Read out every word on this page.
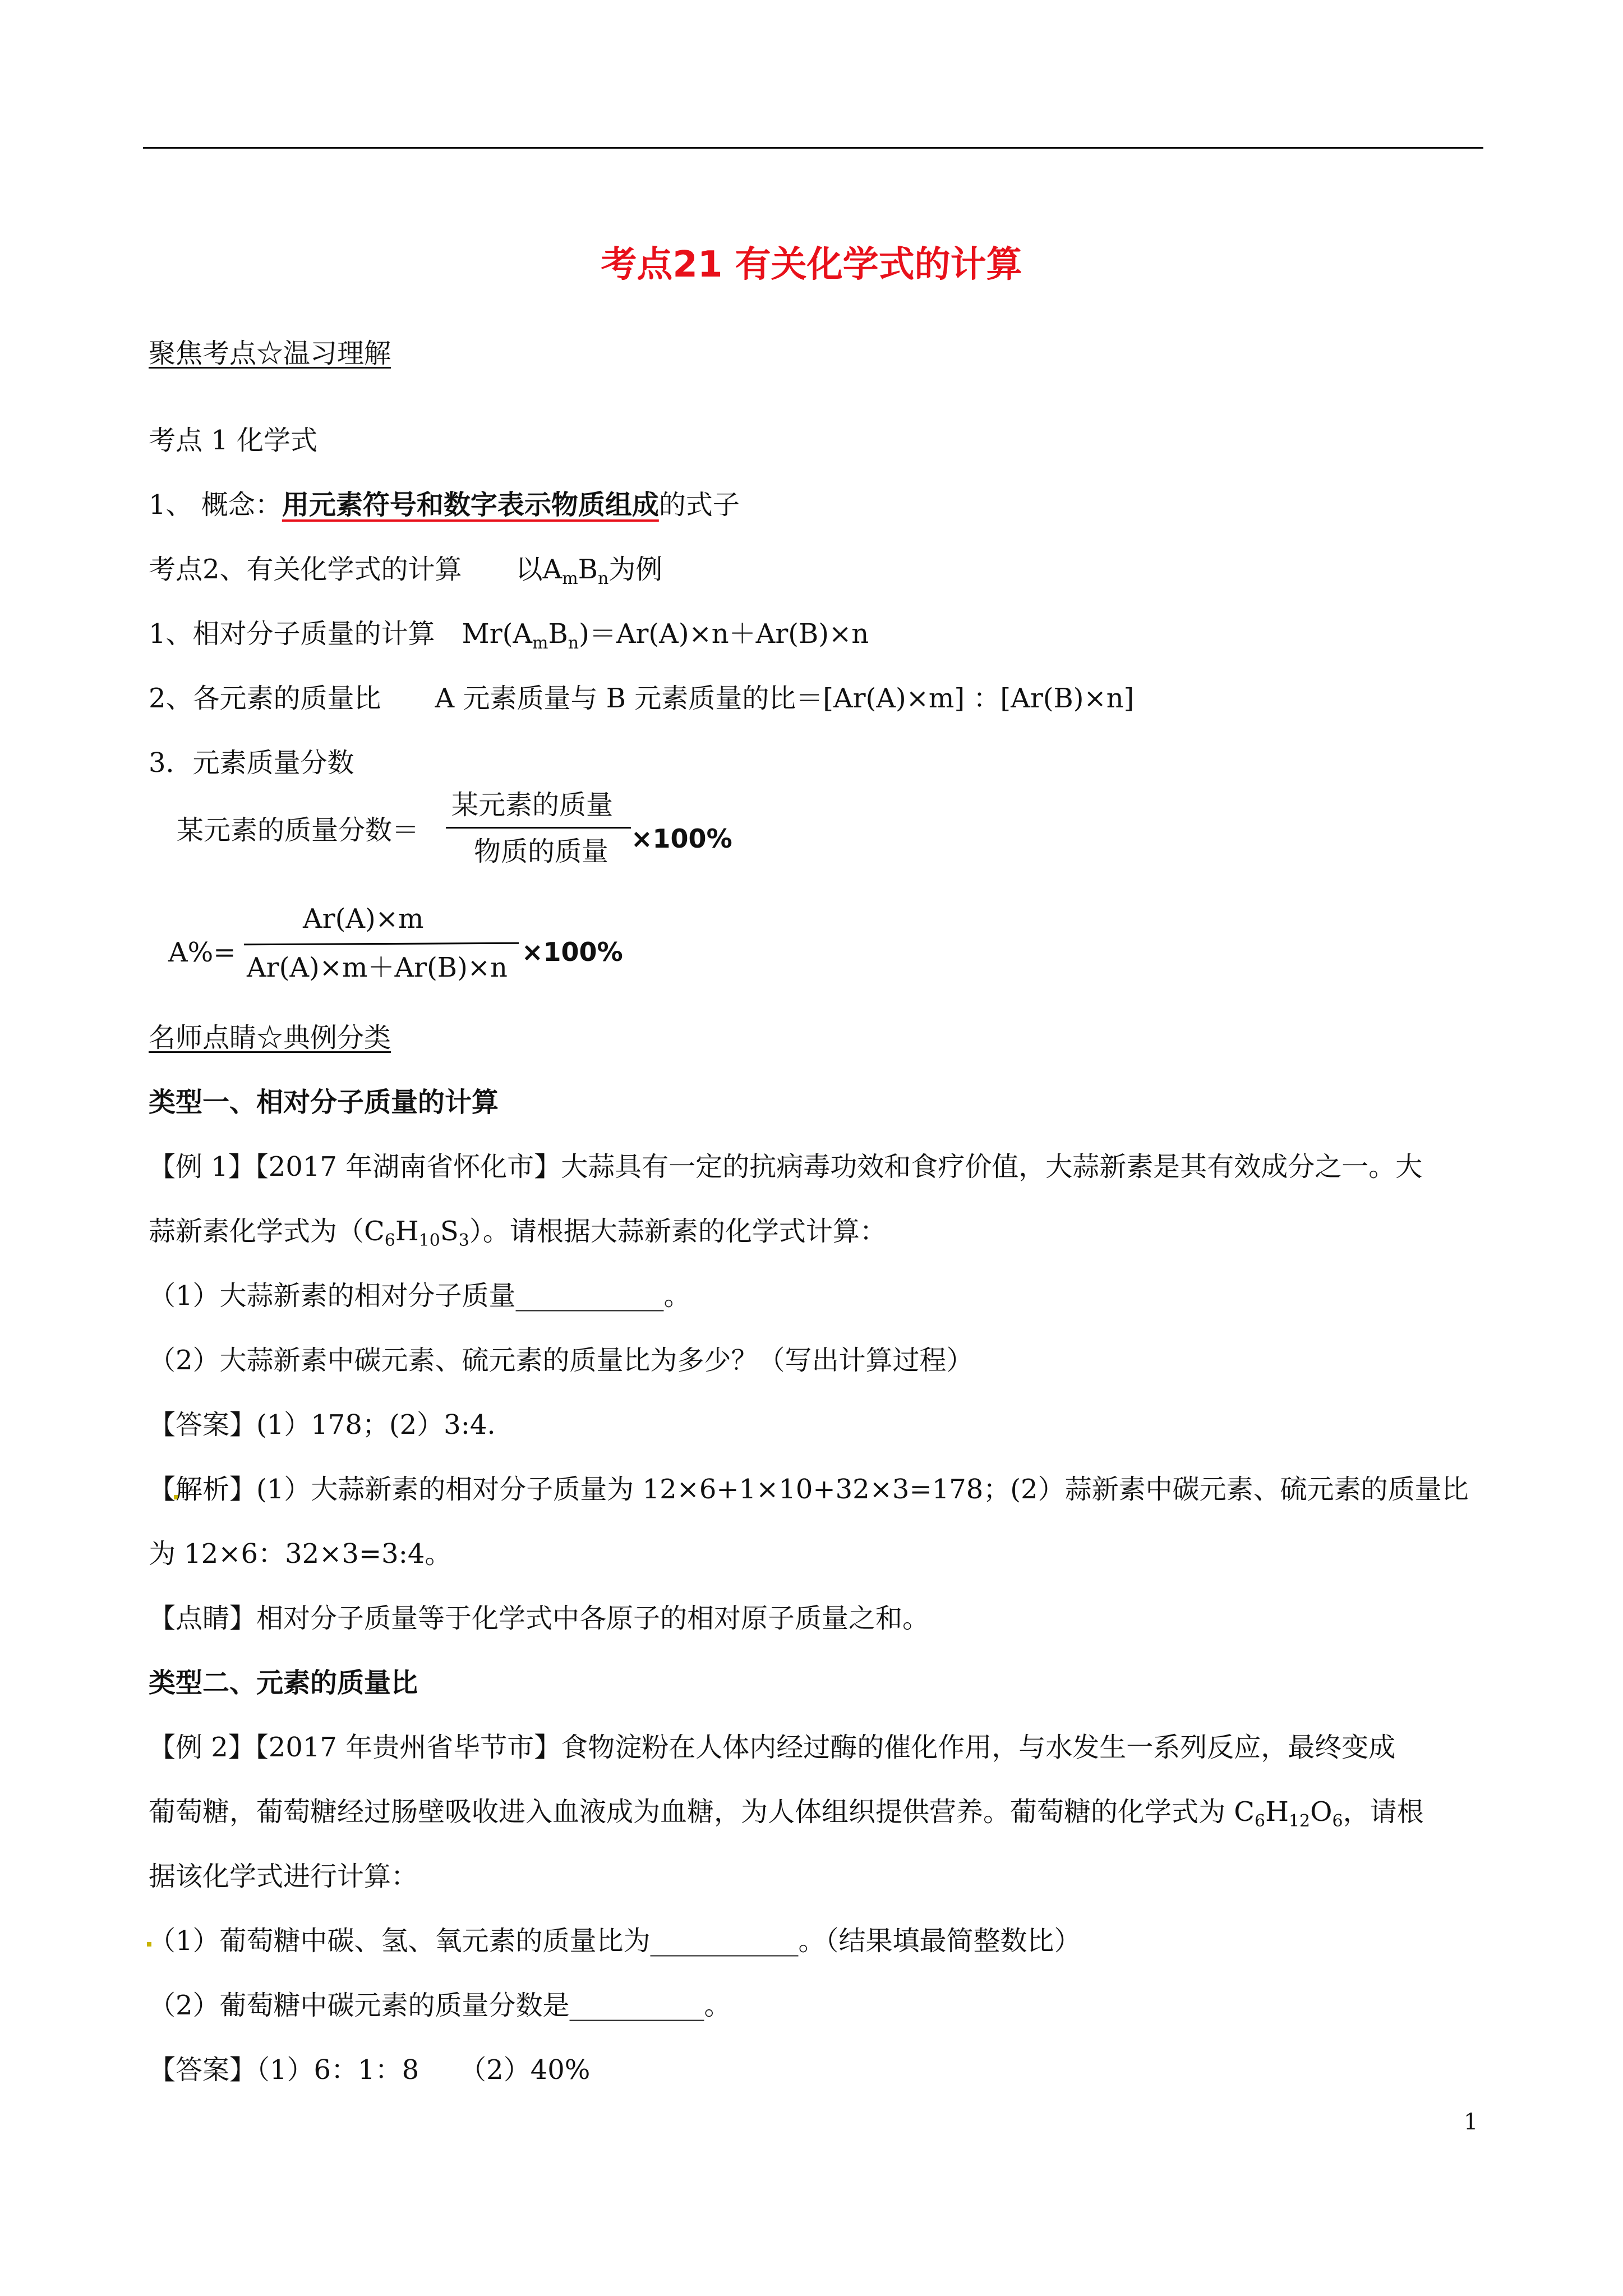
考点21 有关化学式的计算
聚焦考点☆温习理解
考点 1 化学式
1、 概念：用元素符号和数字表示物质组成的式子
考点2、有关化学式的计算　　以$A_mB_n$为例
1、相对分子质量的计算　$Mr(A_mB_n)=Ar(A)\times n+Ar(B)\times n$
2、各元素的质量比　　A 元素质量与 B 元素质量的比＝[Ar(A)×m] ：[Ar(B)×n]
3．元素质量分数
某元素的质量分数＝
某元素的质量
物质的质量 ×100%
A%=
Ar(A)×m
Ar(A)×m＋Ar(B)×n ×100%
名师点睛☆典例分类
类型一、相对分子质量的计算
【例 1】【2017 年湖南省怀化市】大蒜具有一定的抗病毒功效和食疗价值，大蒜新素是其有效成分之一。大
蒜新素化学式为$(C_6H_{10}S_3)$。请根据大蒜新素的化学式计算：
（1）大蒜新素的相对分子质量___________。
（2）大蒜新素中碳元素、硫元素的质量比为多少？（写出计算过程）
【答案】(1）178；(2）3:4.
【解析】(1）大蒜新素的相对分子质量为 12×6+1×10+32×3=178；(2）蒜新素中碳元素、硫元素的质量比
为 12×6：32×3=3:4。
【点睛】相对分子质量等于化学式中各原子的相对原子质量之和。
类型二、元素的质量比
【例 2】【2017 年贵州省毕节市】食物淀粉在人体内经过酶的催化作用，与水发生一系列反应，最终变成
葡萄糖，葡萄糖经过肠壁吸收进入血液成为血糖，为人体组织提供营养。葡萄糖的化学式为 $C_6H_{12}O_6$，请根
据该化学式进行计算：
（1）葡萄糖中碳、氢、氧元素的质量比为___________。（结果填最简整数比）
（2）葡萄糖中碳元素的质量分数是__________。
【答案】（1）6：1：8　　（2）40%
1
